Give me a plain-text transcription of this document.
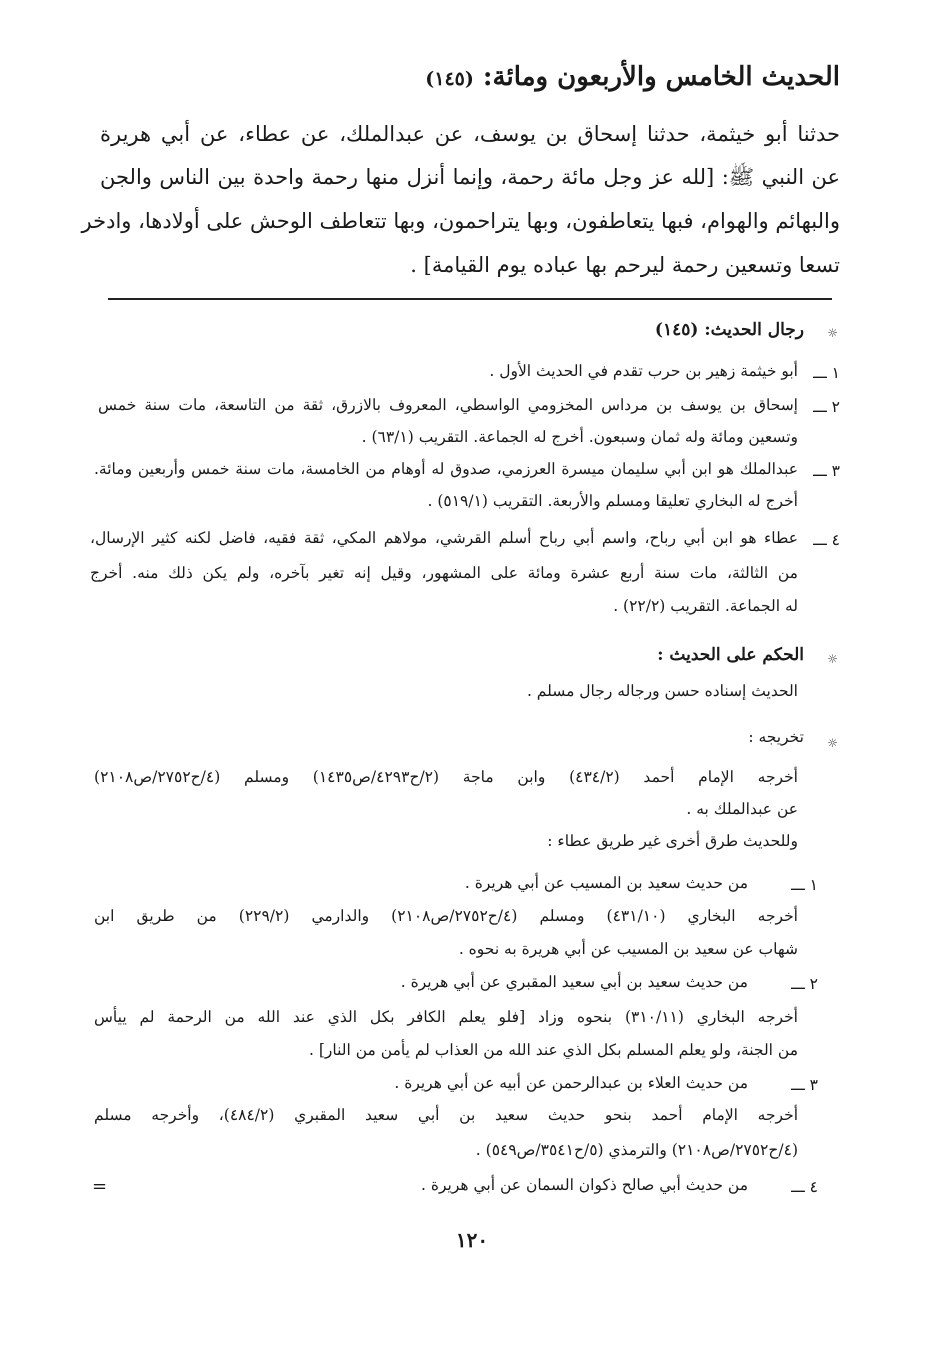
الحديث الخامس والأربعون ومائة: (١٤٥)
حدثنا أبو خيثمة، حدثنا إسحاق بن يوسف، عن عبدالملك، عن عطاء، عن أبي هريرة
عن النبي ﷺ: [لله عز وجل مائة رحمة، وإنما أنزل منها رحمة واحدة بين الناس والجن
والبهائم والهوام، فبها يتعاطفون، وبها يتراحمون، وبها تتعاطف الوحش على أولادها، وادخر
تسعا وتسعين رحمة ليرحم بها عباده يوم القيامة] .
☼
رجال الحديث: (١٤٥)
١ ـــ
أبو خيثمة زهير بن حرب تقدم في الحديث الأول .
٢ ـــ
إسحاق بن يوسف بن مرداس المخزومي الواسطي، المعروف بالازرق، ثقة من التاسعة، مات سنة خمس
وتسعين ومائة وله ثمان وسبعون. أخرج له الجماعة. التقريب (٦٣/١) .
٣ ـــ
عبدالملك هو ابن أبي سليمان ميسرة العرزمي، صدوق له أوهام من الخامسة، مات سنة خمس وأربعين ومائة.
أخرج له البخاري تعليقا ومسلم والأربعة. التقريب (٥١٩/١) .
٤ ـــ
عطاء هو ابن أبي رباح، واسم أبي رباح أسلم القرشي، مولاهم المكي، ثقة فقيه، فاضل لكنه كثير الإرسال،
من الثالثة، مات سنة أربع عشرة ومائة على المشهور، وقيل إنه تغير بآخره، ولم يكن ذلك منه. أخرج
له الجماعة. التقريب (٢٢/٢) .
☼
الحكم على الحديث :
الحديث إسناده حسن ورجاله رجال مسلم .
☼
تخريجه :
أخرجه الإمام أحمد (٤٣٤/٢) وابن ماجة (٢/ح٤٢٩٣/ص١٤٣٥) ومسلم (٤/ح٢٧٥٢/ص٢١٠٨)
عن عبدالملك به .
وللحديث طرق أخرى غير طريق عطاء :
١ ـــ
من حديث سعيد بن المسيب عن أبي هريرة .
أخرجه البخاري (٤٣١/١٠) ومسلم (٤/ح٢٧٥٢/ص٢١٠٨) والدارمي (٢٢٩/٢) من طريق ابن
شهاب عن سعيد بن المسيب عن أبي هريرة به نحوه .
٢ ـــ
من حديث سعيد بن أبي سعيد المقبري عن أبي هريرة .
أخرجه البخاري (٣١٠/١١) بنحوه وزاد [فلو يعلم الكافر بكل الذي عند الله من الرحمة لم ييأس
من الجنة، ولو يعلم المسلم بكل الذي عند الله من العذاب لم يأمن من النار] .
٣ ـــ
من حديث العلاء بن عبدالرحمن عن أبيه عن أبي هريرة .
أخرجه الإمام أحمد بنحو حديث سعيد بن أبي سعيد المقبري (٤٨٤/٢)، وأخرجه مسلم
(٤/ح٢٧٥٢/ص٢١٠٨) والترمذي (٥/ح٣٥٤١/ص٥٤٩) .
٤ ـــ
من حديث أبي صالح ذكوان السمان عن أبي هريرة .
=
١٢٠
